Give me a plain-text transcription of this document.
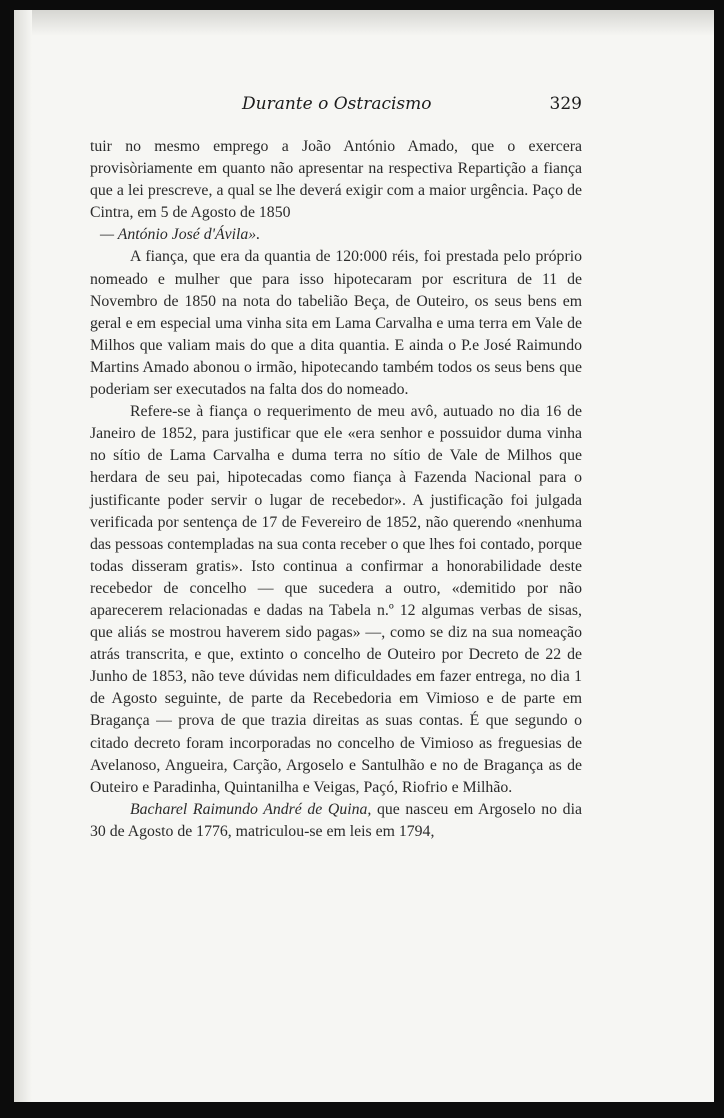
Durante o Ostracismo	329

tuir no mesmo emprego a João António Amado, que o exercera provisòriamente em quanto não apresentar na respectiva Repartição a fiança que a lei prescreve, a qual se lhe deverá exigir com a maior urgência. Paço de Cintra, em 5 de Agosto de 1850

— António José d'Ávila».

A fiança, que era da quantia de 120:000 réis, foi prestada pelo próprio nomeado e mulher que para isso hipotecaram por escritura de 11 de Novembro de 1850 na nota do tabelião Beça, de Outeiro, os seus bens em geral e em especial uma vinha sita em Lama Carvalha e uma terra em Vale de Milhos que valiam mais do que a dita quantia. E ainda o P.e José Raimundo Martins Amado abonou o irmão, hipotecando também todos os seus bens que poderiam ser executados na falta dos do nomeado.

Refere-se à fiança o requerimento de meu avô, autuado no dia 16 de Janeiro de 1852, para justificar que ele «era senhor e possuidor duma vinha no sítio de Lama Carvalha e duma terra no sítio de Vale de Milhos que herdara de seu pai, hipotecadas como fiança à Fazenda Nacional para o justificante poder servir o lugar de recebedor». A justificação foi julgada verificada por sentença de 17 de Fevereiro de 1852, não querendo «nenhuma das pessoas contempladas na sua conta receber o que lhes foi contado, porque todas disseram gratis». Isto continua a confirmar a honorabilidade deste recebedor de concelho — que sucedera a outro, «demitido por não aparecerem relacionadas e dadas na Tabela n.º 12 algumas verbas de sisas, que aliás se mostrou haverem sido pagas» —, como se diz na sua nomeação atrás transcrita, e que, extinto o concelho de Outeiro por Decreto de 22 de Junho de 1853, não teve dúvidas nem dificuldades em fazer entrega, no dia 1 de Agosto seguinte, de parte da Recebedoria em Vimioso e de parte em Bragança — prova de que trazia direitas as suas contas. É que segundo o citado decreto foram incorporadas no concelho de Vimioso as freguesias de Avelanoso, Angueira, Carção, Argoselo e Santulhão e no de Bragança as de Outeiro e Paradinha, Quintanilha e Veigas, Paçó, Riofrio e Milhão.

Bacharel Raimundo André de Quina, que nasceu em Argoselo no dia 30 de Agosto de 1776, matriculou-se em leis em 1794,
